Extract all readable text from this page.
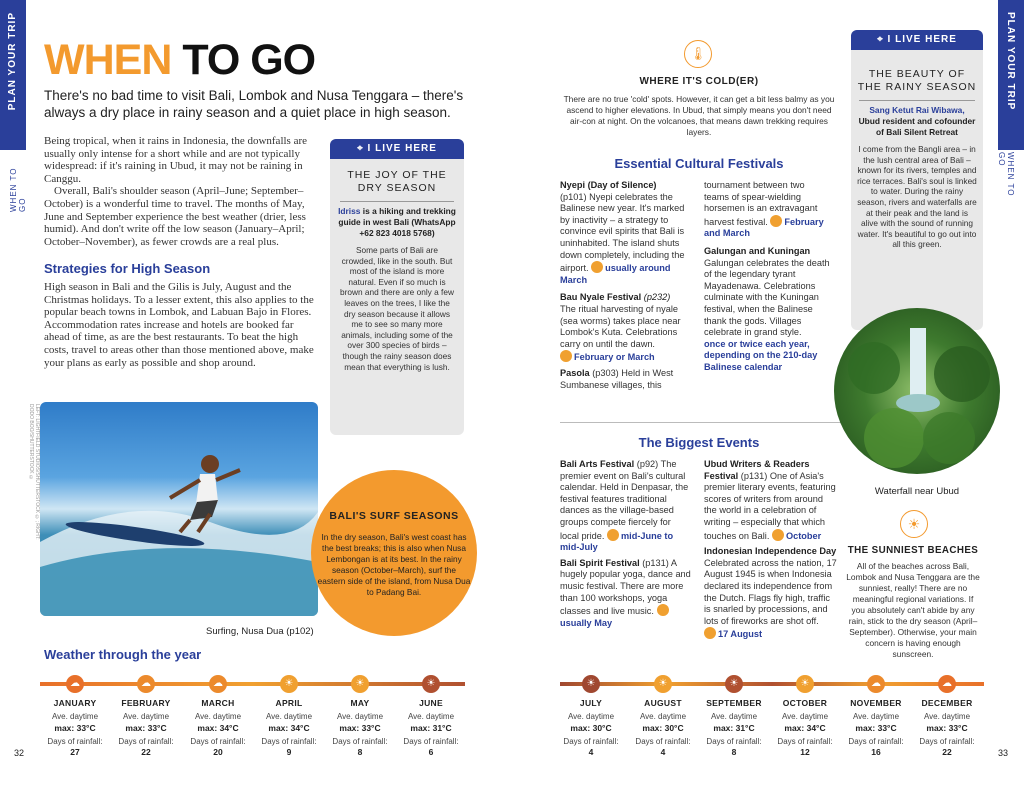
PLAN YOUR TRIP
WHEN TO GO
PLAN YOUR TRIP
WHEN TO GO
WHEN TO GO
There's no bad time to visit Bali, Lombok and Nusa Tenggara – there's always a dry place in rainy season and a quiet place in high season.
Being tropical, when it rains in Indonesia, the downfalls are usually only intense for a short while and are not typically widespread: if it's raining in Ubud, it may not be raining in Canggu.
Overall, Bali's shoulder season (April–June; September–October) is a wonderful time to travel. The months of May, June and September experience the best weather (drier, less humid). And don't write off the low season (January–April; October–November), as fewer crowds are a real plus.
Strategies for High Season
High season in Bali and the Gilis is July, August and the Christmas holidays. To a lesser extent, this also applies to the popular beach towns in Lombok, and Labuan Bajo in Flores. Accommodation rates increase and hotels are booked far ahead of time, as are the best restaurants. To beat the high costs, travel to areas other than those mentioned above, make your plans as early as possible and shop around.
⌖ I LIVE HERE
THE JOY OF THE DRY SEASON
Idriss is a hiking and trekking guide in west Bali (WhatsApp +62 823 4018 5768)
Some parts of Bali are crowded, like in the south. But most of the island is more natural. Even if so much is brown and there are only a few leaves on the trees, I like the dry season because it allows me to see so many more animals, including some of the over 300 species of birds – though the rainy season does mean that everything is lush.
LEFT: LIGHTFIELD STUDIOS/SHUTTERSTOCK ©; RIGHT: DODO BOO/SHUTTERSTOCK ©
Surfing, Nusa Dua (p102)
BALI'S SURF SEASONS
In the dry season, Bali's west coast has the best breaks; this is also when Nusa Lembongan is at its best. In the rainy season (October–March), surf the eastern side of the island, from Nusa Dua to Padang Bai.
🌡
WHERE IT'S COLD(ER)
There are no true 'cold' spots. However, it can get a bit less balmy as you ascend to higher elevations. In Ubud, that simply means you don't need air-con at night. On the volcanoes, that means dawn trekking requires layers.
Essential Cultural Festivals
Nyepi (Day of Silence)
(p101) Nyepi celebrates the Balinese new year. It's marked by inactivity – a strategy to convince evil spirits that Bali is uninhabited. The island shuts down completely, including the airport. usually around March
Bau Nyale Festival (p232)
The ritual harvesting of nyale (sea worms) takes place near Lombok's Kuta. Celebrations carry on until the dawn.
February or March
Pasola (p303) Held in West Sumbanese villages, this
tournament between two teams of spear-wielding horsemen is an extravagant harvest festival. February and March
Galungan and Kuningan
Galungan celebrates the death of the legendary tyrant Mayadenawa. Celebrations culminate with the Kuningan festival, when the Balinese thank the gods. Villages celebrate in grand style.
once or twice each year, depending on the 210-day Balinese calendar
The Biggest Events
Bali Arts Festival (p92) The premier event on Bali's cultural calendar. Held in Denpasar, the festival features traditional dances as the village-based groups compete fiercely for local pride. mid-June to mid-July
Bali Spirit Festival (p131) A hugely popular yoga, dance and music festival. There are more than 100 workshops, yoga classes and live music. usually May
Ubud Writers & Readers Festival (p131) One of Asia's premier literary events, featuring scores of writers from around the world in a celebration of writing – especially that which touches on Bali. October
Indonesian Independence Day
Celebrated across the nation, 17 August 1945 is when Indonesia declared its independence from the Dutch. Flags fly high, traffic is snarled by processions, and lots of fireworks are shot off.
17 August
⌖ I LIVE HERE
THE BEAUTY OF THE RAINY SEASON
Sang Ketut Rai Wibawa,
Ubud resident and cofounder of Bali Silent Retreat
I come from the Bangli area – in the lush central area of Bali – known for its rivers, temples and rice terraces. Bali's soul is linked to water. During the rainy season, rivers and waterfalls are at their peak and the land is alive with the sound of running water. It's beautiful to go out into all this green.
Waterfall near Ubud
☀
THE SUNNIEST BEACHES
All of the beaches across Bali, Lombok and Nusa Tenggara are the sunniest, really! There are no meaningful regional variations. If you absolutely can't abide by any rain, stick to the dry season (April–September). Otherwise, your main concern is having enough sunscreen.
Weather through the year
☁
JANUARY
Ave. daytime
max: 33°C
Days of rainfall:
27
☁
FEBRUARY
Ave. daytime
max: 33°C
Days of rainfall:
22
☁
MARCH
Ave. daytime
max: 34°C
Days of rainfall:
20
☀
APRIL
Ave. daytime
max: 34°C
Days of rainfall:
9
☀
MAY
Ave. daytime
max: 33°C
Days of rainfall:
8
☀
JUNE
Ave. daytime
max: 31°C
Days of rainfall:
6
☀
JULY
Ave. daytime
max: 30°C
Days of rainfall:
4
☀
AUGUST
Ave. daytime
max: 30°C
Days of rainfall:
4
☀
SEPTEMBER
Ave. daytime
max: 31°C
Days of rainfall:
8
☀
OCTOBER
Ave. daytime
max: 34°C
Days of rainfall:
12
☁
NOVEMBER
Ave. daytime
max: 33°C
Days of rainfall:
16
☁
DECEMBER
Ave. daytime
max: 33°C
Days of rainfall:
22
32	33
